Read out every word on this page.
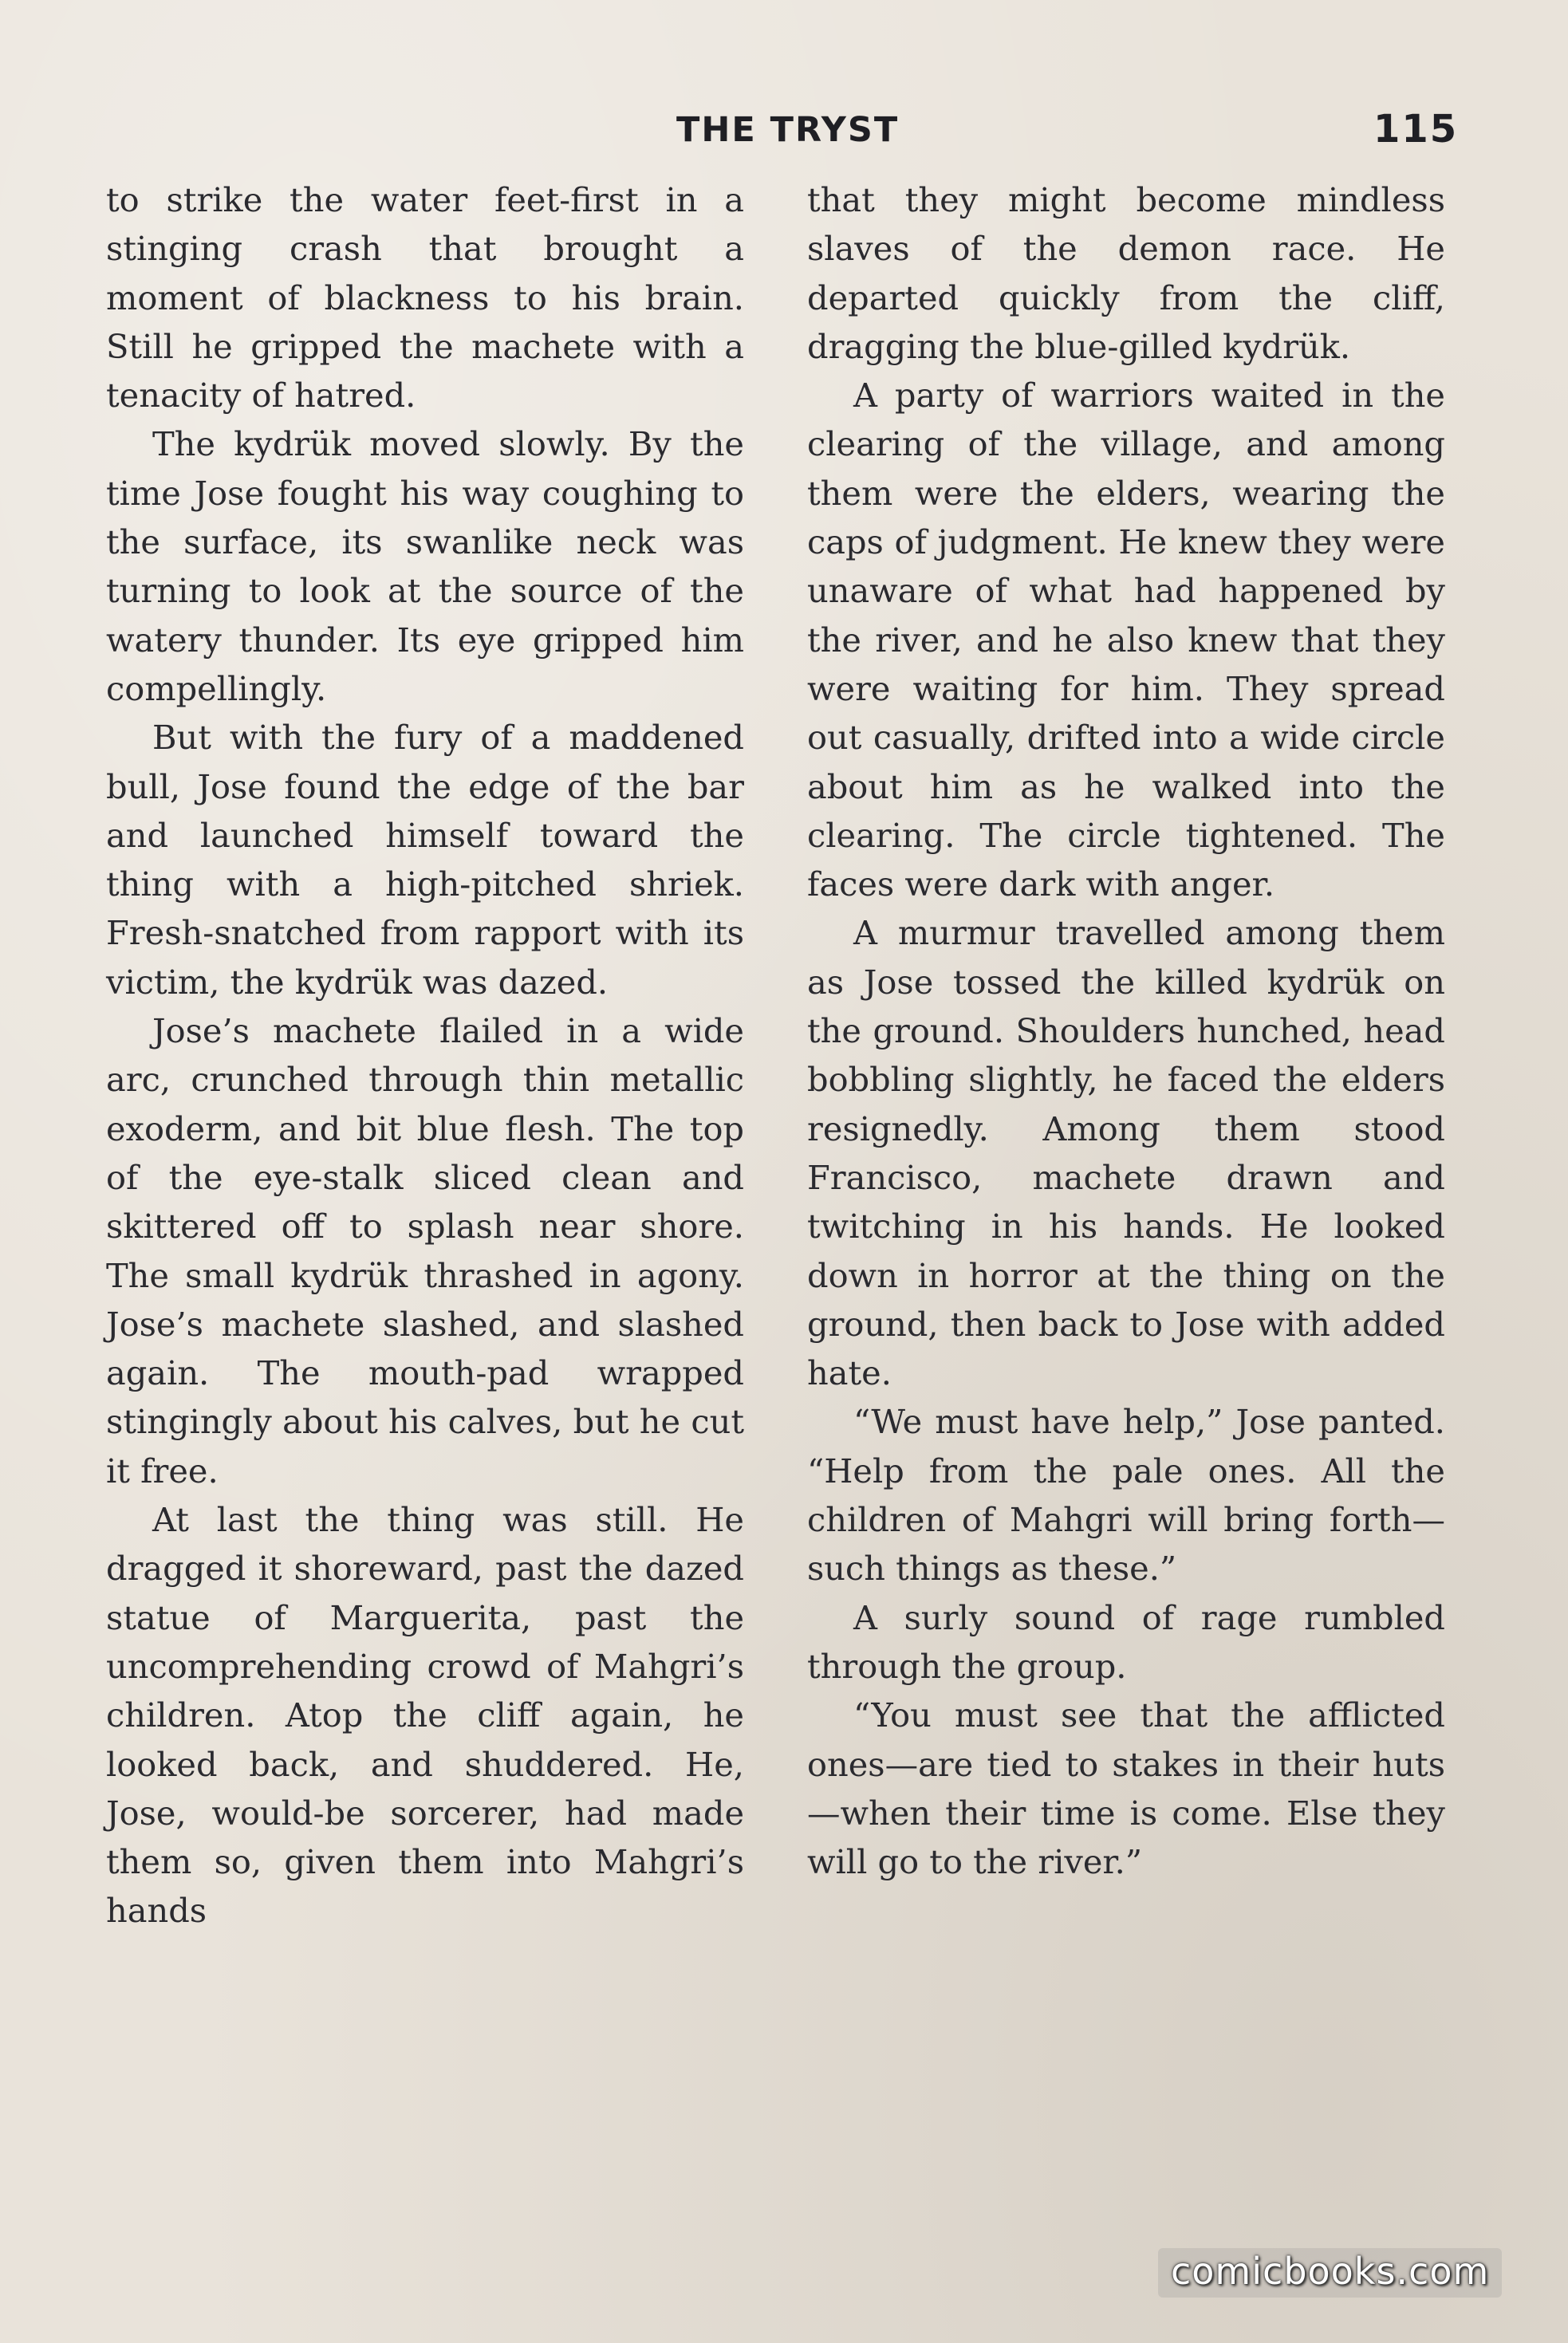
THE TRYST	115

to strike the water feet-first in a stinging crash that brought a moment of blackness to his brain. Still he gripped the machete with a tenacity of hatred.

The kydrük moved slowly. By the time Jose fought his way coughing to the surface, its swanlike neck was turning to look at the source of the watery thunder. Its eye gripped him compellingly.

But with the fury of a maddened bull, Jose found the edge of the bar and launched himself toward the thing with a high-pitched shriek. Fresh-snatched from rapport with its victim, the kydrük was dazed.

Jose’s machete flailed in a wide arc, crunched through thin metallic exoderm, and bit blue flesh. The top of the eye-stalk sliced clean and skittered off to splash near shore. The small kydrük thrashed in agony. Jose’s machete slashed, and slashed again. The mouth-pad wrapped stingingly about his calves, but he cut it free.

At last the thing was still. He dragged it shoreward, past the dazed statue of Marguerita, past the uncomprehending crowd of Mahgri’s children. Atop the cliff again, he looked back, and shuddered. He, Jose, would-be sorcerer, had made them so, given them into Mahgri’s hands

that they might become mindless slaves of the demon race. He departed quickly from the cliff, dragging the blue-gilled kydrük.

A party of warriors waited in the clearing of the village, and among them were the elders, wearing the caps of judgment. He knew they were unaware of what had happened by the river, and he also knew that they were waiting for him. They spread out casually, drifted into a wide circle about him as he walked into the clearing. The circle tightened. The faces were dark with anger.

A murmur travelled among them as Jose tossed the killed kydrük on the ground. Shoulders hunched, head bobbling slightly, he faced the elders resignedly. Among them stood Francisco, machete drawn and twitching in his hands. He looked down in horror at the thing on the ground, then back to Jose with added hate.

“We must have help,” Jose panted. “Help from the pale ones. All the children of Mahgri will bring forth—such things as these.”

A surly sound of rage rumbled through the group.

“You must see that the afflicted ones—are tied to stakes in their huts—when their time is come. Else they will go to the river.”

comicbooks.com
